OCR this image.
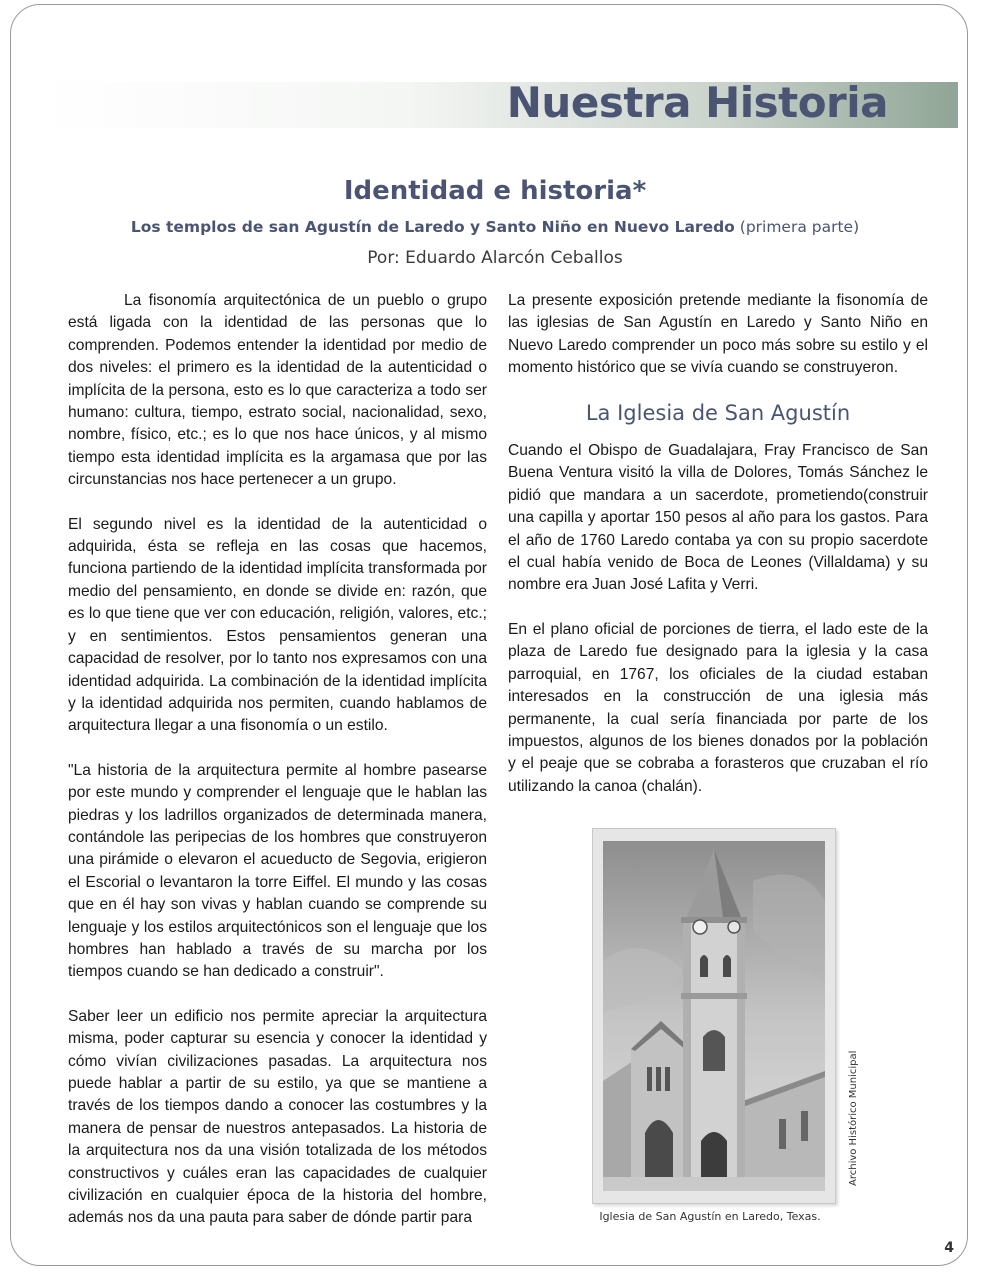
Nuestra Historia
Identidad e historia*

Los templos de san Agustín de Laredo y Santo Niño en Nuevo Laredo (primera parte)

Por: Eduardo Alarcón Ceballos

La fisonomía arquitectónica de un pueblo o grupo está ligada con la identidad de las personas que lo comprenden. Podemos entender la identidad por medio de dos niveles: el primero es la identidad de la autenticidad o implícita de la persona, esto es lo que caracteriza a todo ser humano: cultura, tiempo, estrato social, nacionalidad, sexo, nombre, físico, etc.; es lo que nos hace únicos, y al mismo tiempo esta identidad implícita es la argamasa que por las circunstancias nos hace pertenecer a un grupo.

El segundo nivel es la identidad de la autenticidad o adquirida, ésta se refleja en las cosas que hacemos, funciona partiendo de la identidad implícita transformada por medio del pensamiento, en donde se divide en: razón, que es lo que tiene que ver con educación, religión, valores, etc.; y en sentimientos. Estos pensamientos generan una capacidad de resolver, por lo tanto nos expresamos con una identidad adquirida. La combinación de la identidad implícita y la identidad adquirida nos permiten, cuando hablamos de arquitectura llegar a una fisonomía o un estilo.

"La historia de la arquitectura permite al hombre pasearse por este mundo y comprender el lenguaje que le hablan las piedras y los ladrillos organizados de determinada manera, contándole las peripecias de los hombres que construyeron una pirámide o elevaron el acueducto de Segovia, erigieron el Escorial o levantaron la torre Eiffel. El mundo y las cosas que en él hay son vivas y hablan cuando se comprende su lenguaje y los estilos arquitectónicos son el lenguaje que los hombres han hablado a través de su marcha por los tiempos cuando se han dedicado a construir".

Saber leer un edificio nos permite apreciar la arquitectura misma, poder capturar su esencia y conocer la identidad y cómo vivían civilizaciones pasadas. La arquitectura nos puede hablar a partir de su estilo, ya que se mantiene a través de los tiempos dando a conocer las costumbres y la manera de pensar de nuestros antepasados. La historia de la arquitectura nos da una visión totalizada de los métodos constructivos y cuáles eran las capacidades de cualquier civilización en cualquier época de la historia del hombre, además nos da una pauta para saber de dónde partir para

La presente exposición pretende mediante la fisonomía de las iglesias de San Agustín en Laredo y Santo Niño en Nuevo Laredo comprender un poco más sobre su estilo y el momento histórico que se vivía cuando se construyeron.

La Iglesia de San Agustín

Cuando el Obispo de Guadalajara, Fray Francisco de San Buena Ventura visitó la villa de Dolores, Tomás Sánchez le pidió que mandara a un sacerdote, prometiendo(construir una capilla y aportar 150 pesos al año para los gastos. Para el año de 1760 Laredo contaba ya con su propio sacerdote el cual había venido de Boca de Leones (Villaldama) y su nombre era Juan José Lafita y Verri.

En el plano oficial de porciones de tierra, el lado este de la plaza de Laredo fue designado para la iglesia y la casa parroquial, en 1767, los oficiales de la ciudad estaban interesados en la construcción de una iglesia más permanente, la cual sería financiada por parte de los impuestos, algunos de los bienes donados por la población y el peaje que se cobraba a forasteros que cruzaban el río utilizando la canoa (chalán).

Archivo Histórico Municipal

Iglesia de San Agustín en Laredo, Texas.

4
